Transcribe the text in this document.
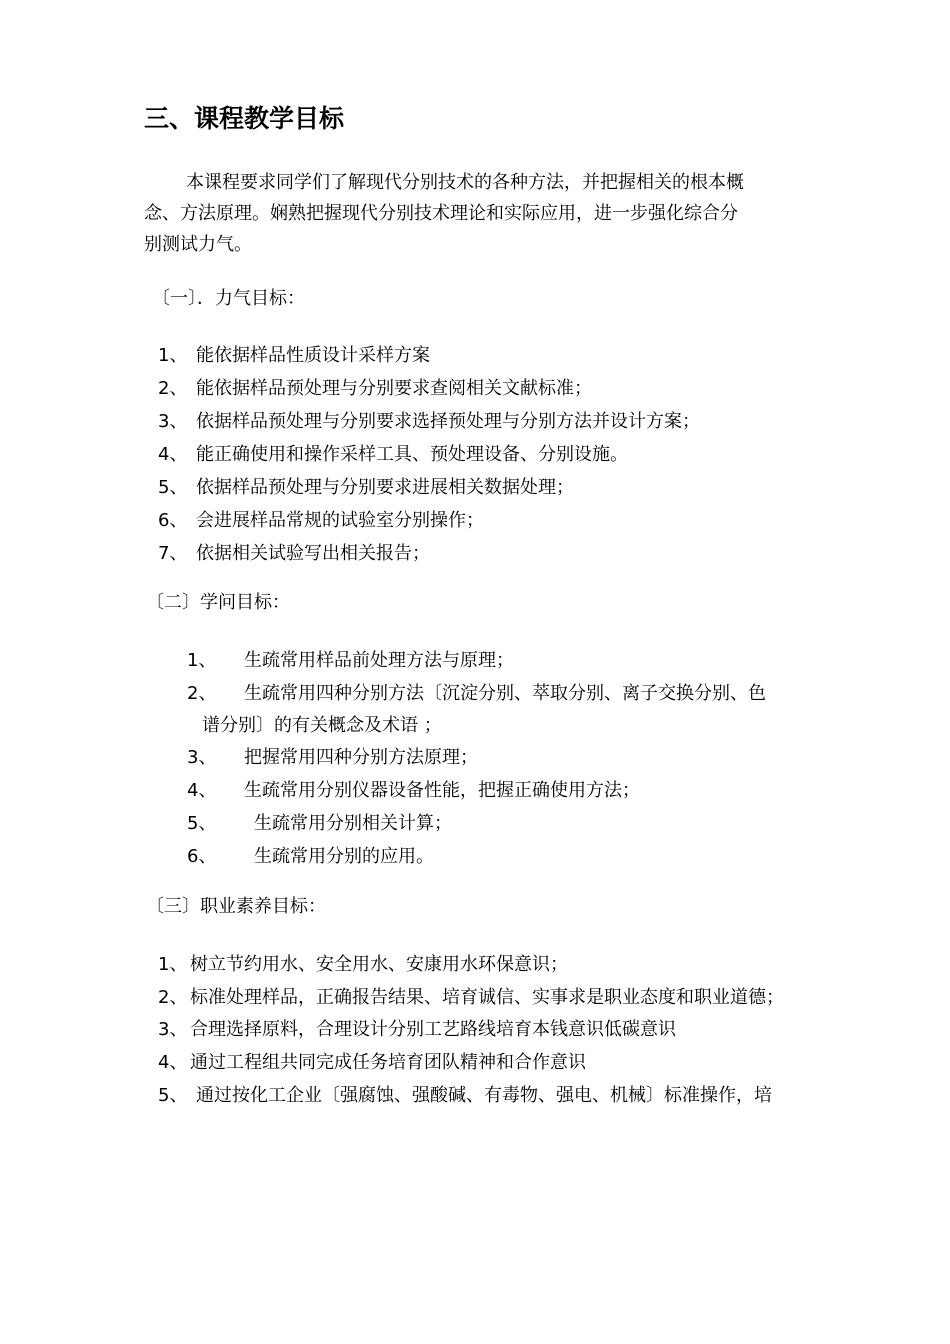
三、课程教学目标
本课程要求同学们了解现代分别技术的各种方法，并把握相关的根本概
念、方法原理。娴熟把握现代分别技术理论和实际应用，进一步强化综合分
别测试力气。
〔一〕．力气目标：
1、 能依据样品性质设计采样方案
2、 能依据样品预处理与分别要求查阅相关文献标准；
3、 依据样品预处理与分别要求选择预处理与分别方法并设计方案；
4、 能正确使用和操作采样工具、预处理设备、分别设施。
5、 依据样品预处理与分别要求进展相关数据处理；
6、 会进展样品常规的试验室分别操作；
7、 依据相关试验写出相关报告；
〔二〕学问目标：
1、 生疏常用样品前处理方法与原理；
2、 生疏常用四种分别方法〔沉淀分别、萃取分别、离子交换分别、色
谱分别〕的有关概念及术语 ；
3、 把握常用四种分别方法原理；
4、 生疏常用分别仪器设备性能，把握正确使用方法；
5、 生疏常用分别相关计算；
6、 生疏常用分别的应用。
〔三〕职业素养目标：
1、 树立节约用水、安全用水、安康用水环保意识；
2、 标准处理样品，正确报告结果、培育诚信、实事求是职业态度和职业道德；
3、 合理选择原料，合理设计分别工艺路线培育本钱意识低碳意识
4、 通过工程组共同完成任务培育团队精神和合作意识
5、 通过按化工企业〔强腐蚀、强酸碱、有毒物、强电、机械〕标准操作，培
